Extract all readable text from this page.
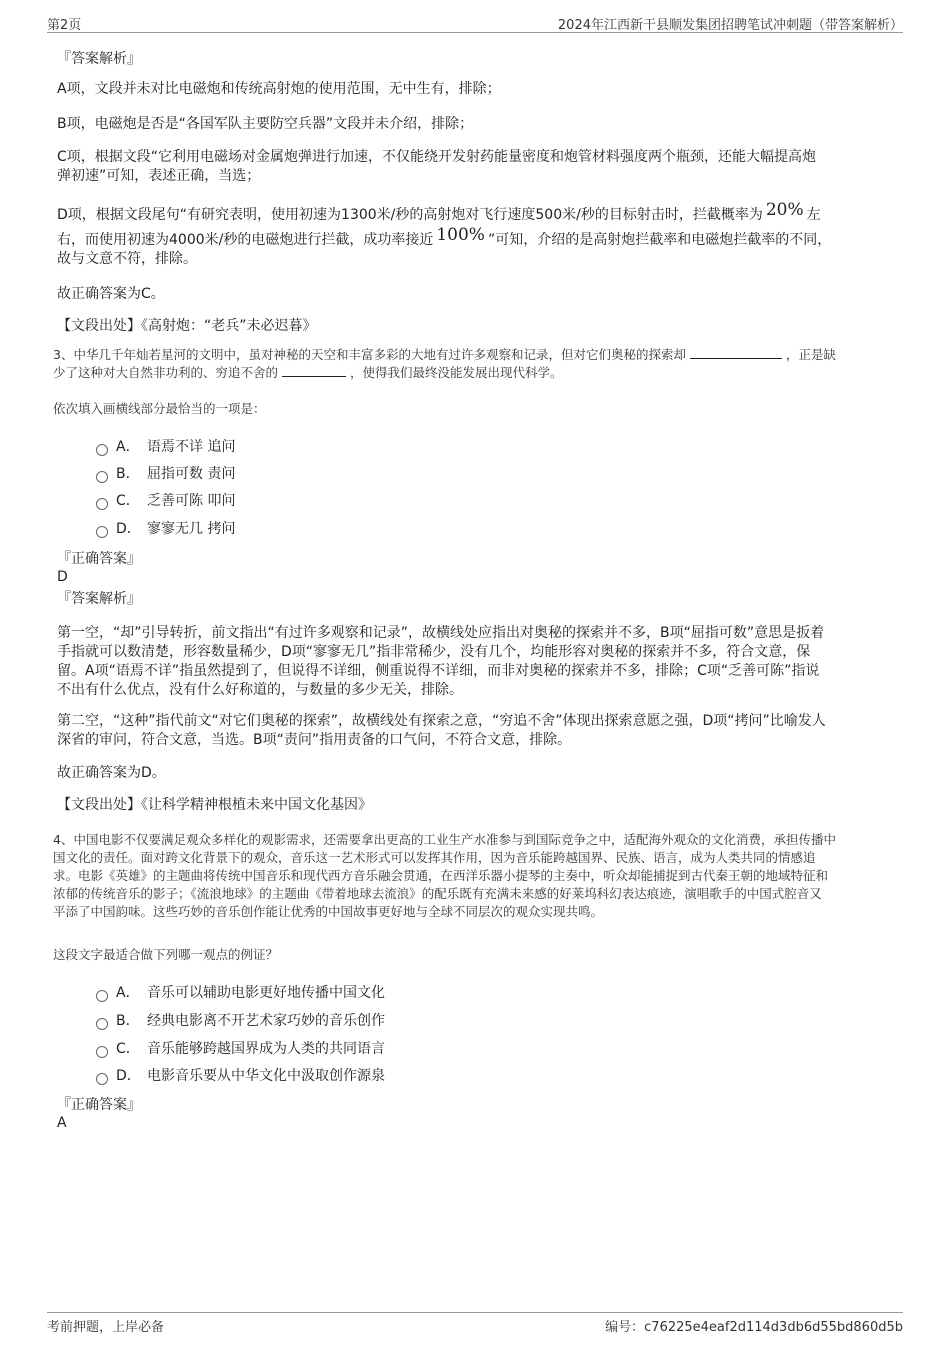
第2页	2024年江西新干县顺发集团招聘笔试冲刺题（带答案解析）

『答案解析』

A项，文段并未对比电磁炮和传统高射炮的使用范围，无中生有，排除；

B项，电磁炮是否是“各国军队主要防空兵器”文段并未介绍，排除；

C项，根据文段“它利用电磁场对金属炮弹进行加速，不仅能绕开发射药能量密度和炮管材料强度两个瓶颈，还能大幅提高炮
弹初速”可知，表述正确，当选；
D项，根据文段尾句“有研究表明，使用初速为1300米/秒的高射炮对飞行速度500米/秒的目标射击时，拦截概率为 20% 左
右，而使用初速为4000米/秒的电磁炮进行拦截，成功率接近 100% ”可知，介绍的是高射炮拦截率和电磁炮拦截率的不同，
故与文意不符，排除。

故正确答案为C。

【文段出处】《高射炮：“老兵”未必迟暮》

3、中华几千年灿若星河的文明中，虽对神秘的天空和丰富多彩的大地有过许多观察和记录，但对它们奥秘的探索却	，正是缺
少了这种对大自然非功利的、穷追不舍的	，使得我们最终没能发展出现代科学。

依次填入画横线部分最恰当的一项是：

A． 语焉不详 追问
B． 屈指可数 责问
C． 乏善可陈 叩问
D． 寥寥无几 拷问

『正确答案』

D

『答案解析』

第一空，“却”引导转折，前文指出“有过许多观察和记录”，故横线处应指出对奥秘的探索并不多，B项“屈指可数”意思是扳着
手指就可以数清楚，形容数量稀少，D项“寥寥无几”指非常稀少，没有几个，均能形容对奥秘的探索并不多，符合文意，保
留。A项“语焉不详”指虽然提到了，但说得不详细，侧重说得不详细，而非对奥秘的探索并不多，排除；C项“乏善可陈”指说
不出有什么优点，没有什么好称道的，与数量的多少无关，排除。
第二空，“这种”指代前文“对它们奥秘的探索”，故横线处有探索之意，“穷追不舍”体现出探索意愿之强，D项“拷问”比喻发人
深省的审问，符合文意，当选。B项“责问”指用责备的口气问，不符合文意，排除。

故正确答案为D。

【文段出处】《让科学精神根植未来中国文化基因》

4、中国电影不仅要满足观众多样化的观影需求，还需要拿出更高的工业生产水准参与到国际竞争之中，适配海外观众的文化消费，承担传播中
国文化的责任。面对跨文化背景下的观众，音乐这一艺术形式可以发挥其作用，因为音乐能跨越国界、民族、语言，成为人类共同的情感追
求。电影《英雄》的主题曲将传统中国音乐和现代西方音乐融会贯通，在西洋乐器小提琴的主奏中，听众却能捕捉到古代秦王朝的地域特征和
浓郁的传统音乐的影子；《流浪地球》的主题曲《带着地球去流浪》的配乐既有充满未来感的好莱坞科幻表达痕迹，演唱歌手的中国式腔音又
平添了中国韵味。这些巧妙的音乐创作能让优秀的中国故事更好地与全球不同层次的观众实现共鸣。

这段文字最适合做下列哪一观点的例证？

A． 音乐可以辅助电影更好地传播中国文化
B． 经典电影离不开艺术家巧妙的音乐创作
C． 音乐能够跨越国界成为人类的共同语言
D． 电影音乐要从中华文化中汲取创作源泉

『正确答案』

A

考前押题，上岸必备	编号：c76225e4eaf2d114d3db6d55bd860d5b
